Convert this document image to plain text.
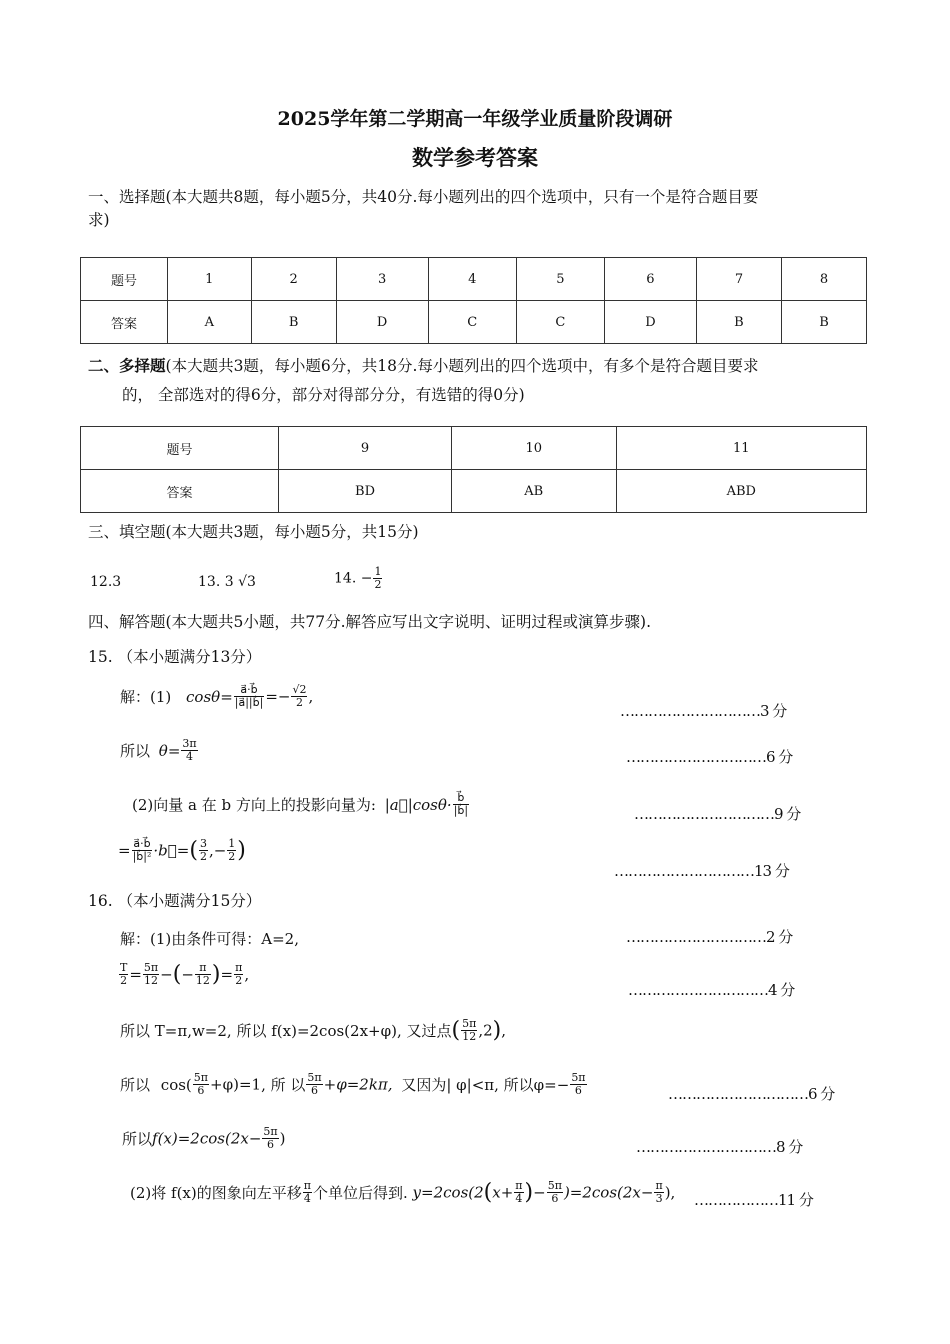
2025学年第二学期高一年级学业质量阶段调研
数学参考答案
一、选择题(本大题共8题，每小题5分，共40分.每小题列出的四个选项中，只有一个是符合题目要
求)
题号	1	2	3	4	5	6	7	8
答案	A	B	D	C	C	D	B	B
二、多择题(本大题共3题，每小题6分，共18分.每小题列出的四个选项中，有多个是符合题目要求
的， 全部选对的得6分，部分对得部分分，有选错的得0分)
题号	9	10	11
答案	BD	AB	ABD
三、填空题(本大题共3题，每小题5分，共15分)
12.3	13. 3 √3	14. − $\frac{1}{2}$
四、解答题(本大题共5小题，共77分.解答应写出文字说明、证明过程或演算步骤).
15. （本小题满分13分）
解：(1) $\cos\theta= \frac{a⃗\cdot b⃗}{|a⃗||b⃗|} =- \frac{√2}{2}$ ,
…………………………3 分
所以 $\theta= \frac{3\pi}{4}$	…………………………6 分
(2)向量 a 在 b 方向上的投影向量为: |a⃗|cosθ· $\frac{b⃗}{|b⃗|}$	…………………………9 分
= $\frac{a⃗\cdot b⃗}{\text{|b⃗|²}}$ ·b⃗=( $\frac{3}{2}$ ,− $\frac{1}{2}$ )
…………………………13 分
16. （本小题满分15分）
解：(1)由条件可得：A=2,	…………………………2 分
$\frac{T}{2} = \frac{5\pi}{12}$ −(− $\frac{\pi}{12}$ )= $\frac{\pi}{2}$ ,
…………………………4 分
所以 T=π,w=2, 所以 f(x)=2cos(2x+φ), 又过点( $\frac{5\pi}{12} ,2$),
所以 $\cos( \frac{5\pi}{6} +\varphi)=1$, 所 以 $\frac{5\pi}{6} +\varphi=2k\pi$, 又因为| φ|<π, 所以$\varphi=- \frac{5\pi}{6}$	…………………………6 分
所以$f(x)=2\cos(2x- \frac{5\pi}{6}$ )	…………………………8 分
(2)将 f(x)的图象向左平移 $\frac{\pi}{4}$ 个单位后得到. $y=2\cos(2(x+ \frac{\pi}{4}$ )− $\frac{5\pi}{6} )=2\cos(2x- \frac{\pi}{3}$ ), ………………11 分
